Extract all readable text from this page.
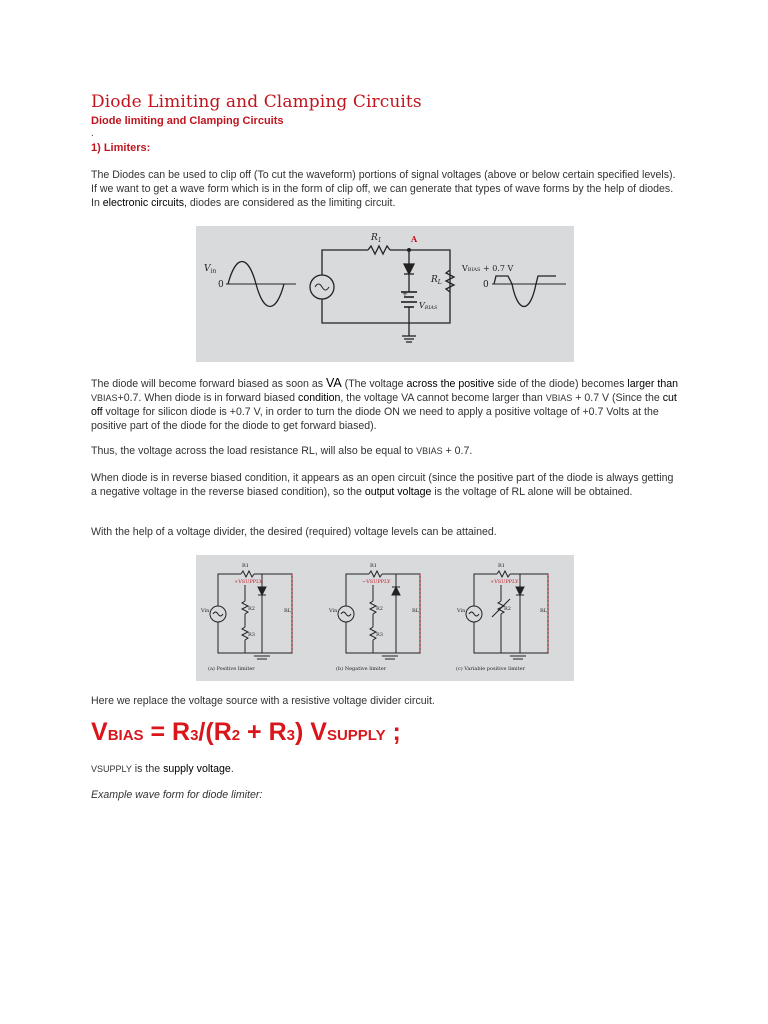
Diode Limiting and Clamping Circuits
Diode limiting and Clamping Circuits
.
1) Limiters:
The Diodes can be used to clip off (To cut the waveform) portions of signal voltages (above or below certain specified levels). If we want to get a wave form which is in the form of clip off, we can generate that types of wave forms by the help of diodes. In electronic circuits, diodes are considered as the limiting circuit.
$V_{in}$
0
$R_1$	A
$R_L$
VBIAS
+
VBIAS + 0.7 V
0
The diode will become forward biased as soon as VA (The voltage across the positive side of the diode) becomes larger than VBIAS+0.7. When diode is in forward biased condition, the voltage VA cannot become larger than VBIAS + 0.7 V (Since the cut off voltage for silicon diode is +0.7 V, in order to turn the diode ON we need to apply a positive voltage of +0.7 Volts at the positive part of the diode for the diode to get forward biased).
Thus, the voltage across the load resistance RL, will also be equal to VBIAS + 0.7.
When diode is in reverse biased condition, it appears as an open circuit (since the positive part of the diode is always getting a negative voltage in the reverse biased condition), so the output voltage is the voltage of RL alone will be obtained.
With the help of a voltage divider, the desired (required) voltage levels can be attained.
R1
+VSUPPLY
R2
R3
Vin	RL
R1
−VSUPPLY
R2
R3
Vin	RL
R1
+VSUPPLY
R2
Vin	RL
(a) Positive limiter	(b) Negative limiter	(c) Variable positive limiter
Here we replace the voltage source with a resistive voltage divider circuit.
VBIAS = R3/(R2 + R3) VSUPPLY ;
VSUPPLY is the supply voltage.
Example wave form for diode limiter:
